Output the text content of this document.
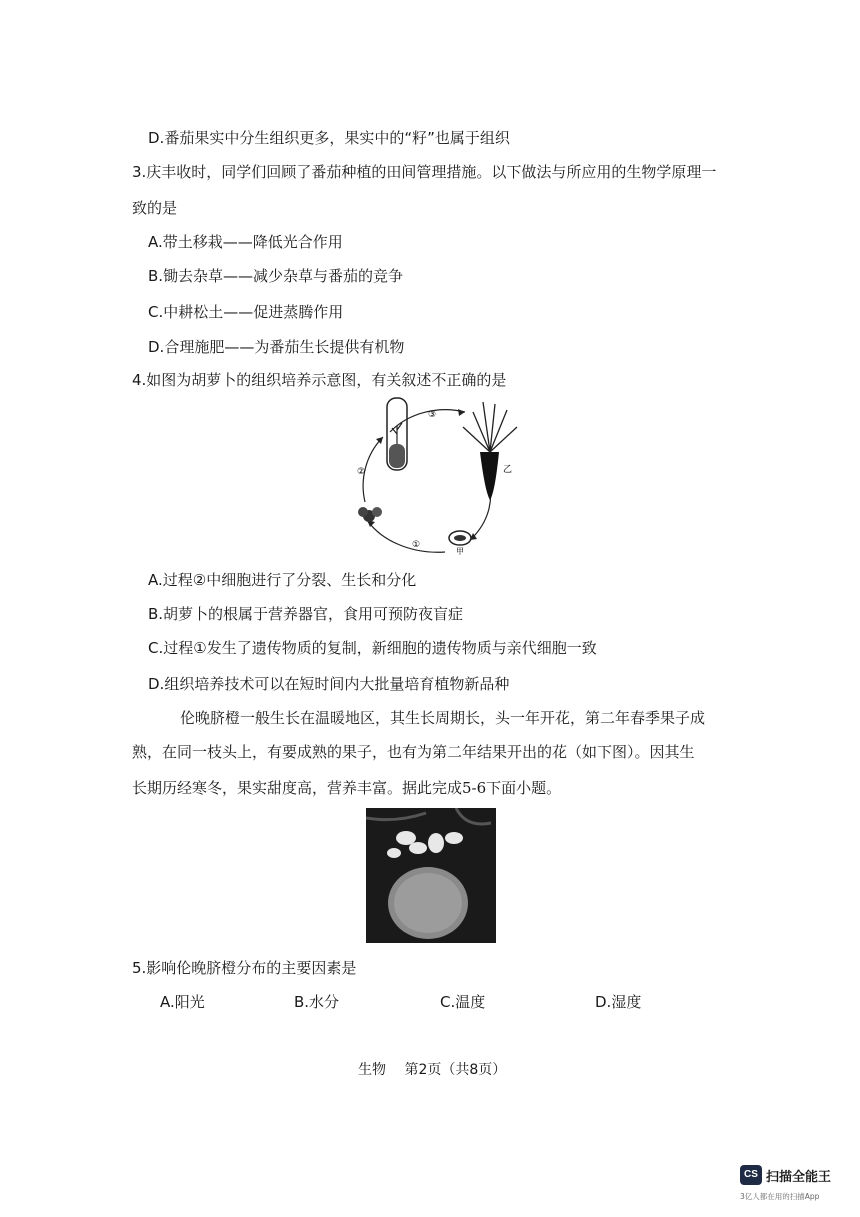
D.番茄果实中分生组织更多，果实中的“籽”也属于组织
3.庆丰收时，同学们回顾了番茄种植的田间管理措施。以下做法与所应用的生物学原理一
致的是
A.带土移栽——降低光合作用
B.锄去杂草——减少杂草与番茄的竞争
C.中耕松土——促进蒸腾作用
D.合理施肥——为番茄生长提供有机物
4.如图为胡萝卜的组织培养示意图，有关叙述不正确的是
③
②
①
甲
乙
A.过程②中细胞进行了分裂、生长和分化
B.胡萝卜的根属于营养器官，食用可预防夜盲症
C.过程①发生了遗传物质的复制，新细胞的遗传物质与亲代细胞一致
D.组织培养技术可以在短时间内大批量培育植物新品种
伦晚脐橙一般生长在温暖地区，其生长周期长，头一年开花，第二年春季果子成
熟，在同一枝头上，有要成熟的果子，也有为第二年结果开出的花（如下图）。因其生
长期历经寒冬，果实甜度高，营养丰富。据此完成5-6下面小题。
5.影响伦晚脐橙分布的主要因素是
A.阳光	B.水分	C.温度	D.湿度
生物 第2页（共8页）
CS 扫描全能王
3亿人都在用的扫描App
